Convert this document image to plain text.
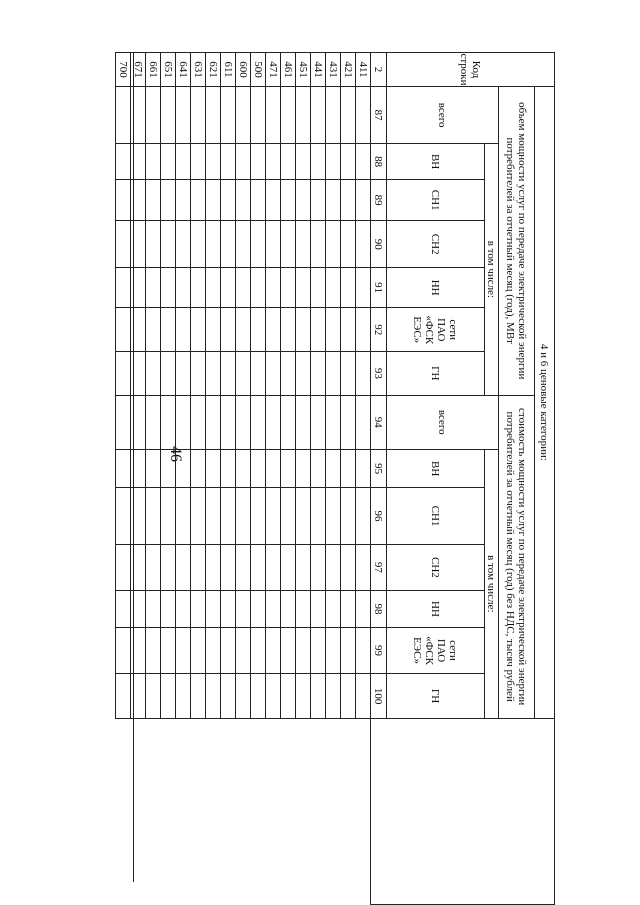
46
Код строки	4 и 6 ценовые категории:														
	объем мощности услуг по передаче электрической энергии потребителей за отчетный месяц (год), МВт							стоимость мощности услуг по передаче электрической энергии потребителей за отчетный месяц (год) без НДС, тысяч рублей							
	всего	в том числе:						всего	в том числе:						
		ВН	СН1	СН2	НН	сети ПАО «ФСК ЕЭС»	ГН		ВН	СН1	СН2	НН	сети ПАО «ФСК ЕЭС»	ГН	
2	87	88	89	90	91	92	93	94	95	96	97	98	99	100	
411															
421															
431															
441															
451															
461															
471															
500															
600															
611															
621															
631															
641															
651															
661															
671															
700															
